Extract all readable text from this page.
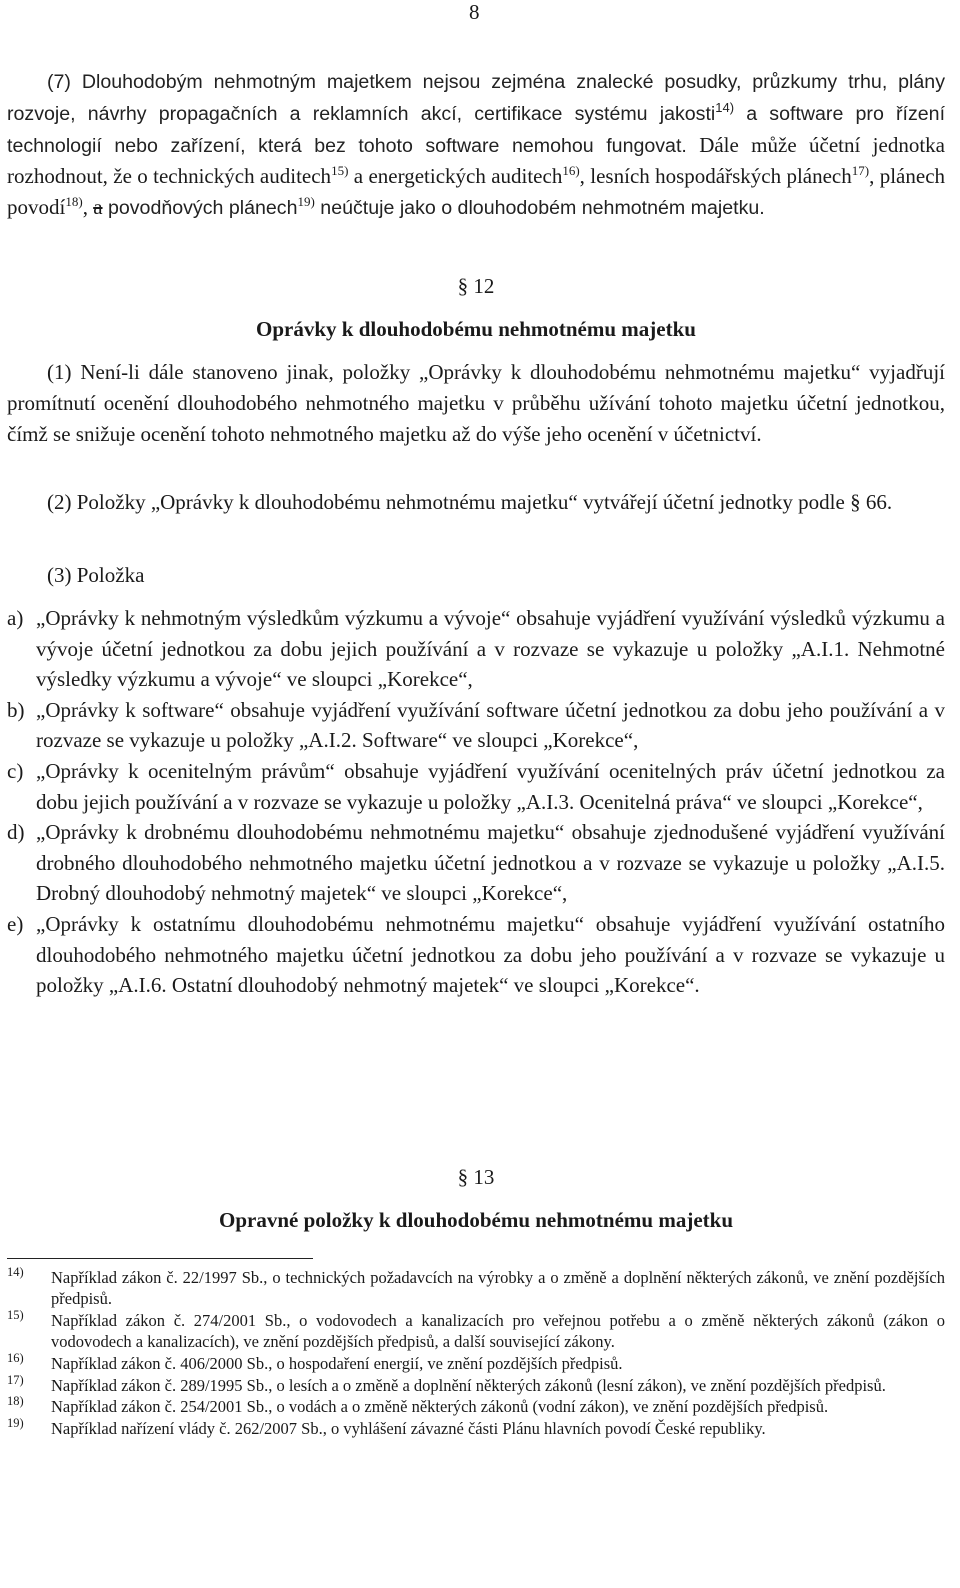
8
(7) Dlouhodobým nehmotným majetkem nejsou zejména znalecké posudky, průzkumy trhu, plány rozvoje, návrhy propagačních a reklamních akcí, certifikace systému jakosti$^{14)}$ a software pro řízení technologií nebo zařízení, která bez tohoto software nemohou fungovat. Dále může účetní jednotka rozhodnout, že o technických auditech$^{15)}$ a energetických auditech$^{16)}$, lesních hospodářských plánech$^{17)}$, plánech povodí$^{18)}$, a povodňových plánech$^{19)}$ neúčtuje jako o dlouhodobém nehmotném majetku.
§ 12
Oprávky k dlouhodobému nehmotnému majetku
(1) Není-li dále stanoveno jinak, položky „Oprávky k dlouhodobému nehmotnému majetku“ vyjadřují promítnutí ocenění dlouhodobého nehmotného majetku v průběhu užívání tohoto majetku účetní jednotkou, čímž se snižuje ocenění tohoto nehmotného majetku až do výše jeho ocenění v účetnictví.
(2) Položky „Oprávky k dlouhodobému nehmotnému majetku“ vytvářejí účetní jednotky podle § 66.
(3) Položka
a) „Oprávky k nehmotným výsledkům výzkumu a vývoje“ obsahuje vyjádření využívání výsledků výzkumu a vývoje účetní jednotkou za dobu jejich používání a v rozvaze se vykazuje u položky „A.I.1. Nehmotné výsledky výzkumu a vývoje“ ve sloupci „Korekce“,
b) „Oprávky k software“ obsahuje vyjádření využívání software účetní jednotkou za dobu jeho používání a v rozvaze se vykazuje u položky „A.I.2. Software“ ve sloupci „Korekce“,
c) „Oprávky k ocenitelným právům“ obsahuje vyjádření využívání ocenitelných práv účetní jednotkou za dobu jejich používání a v rozvaze se vykazuje u položky „A.I.3. Ocenitelná práva“ ve sloupci „Korekce“,
d) „Oprávky k drobnému dlouhodobému nehmotnému majetku“ obsahuje zjednodušené vyjádření využívání drobného dlouhodobého nehmotného majetku účetní jednotkou a v rozvaze se vykazuje u položky „A.I.5. Drobný dlouhodobý nehmotný majetek“ ve sloupci „Korekce“,
e) „Oprávky k ostatnímu dlouhodobému nehmotnému majetku“ obsahuje vyjádření využívání ostatního dlouhodobého nehmotného majetku účetní jednotkou za dobu jeho používání a v rozvaze se vykazuje u položky „A.I.6. Ostatní dlouhodobý nehmotný majetek“ ve sloupci „Korekce“.
§ 13
Opravné položky k dlouhodobému nehmotnému majetku
14) Například zákon č. 22/1997 Sb., o technických požadavcích na výrobky a o změně a doplnění některých zákonů, ve znění pozdějších předpisů.
15) Například zákon č. 274/2001 Sb., o vodovodech a kanalizacích pro veřejnou potřebu a o změně některých zákonů (zákon o vodovodech a kanalizacích), ve znění pozdějších předpisů, a další související zákony.
16) Například zákon č. 406/2000 Sb., o hospodaření energií, ve znění pozdějších předpisů.
17) Například zákon č. 289/1995 Sb., o lesích a o změně a doplnění některých zákonů (lesní zákon), ve znění pozdějších předpisů.
18) Například zákon č. 254/2001 Sb., o vodách a o změně některých zákonů (vodní zákon), ve znění pozdějších předpisů.
19) Například nařízení vlády č. 262/2007 Sb., o vyhlášení závazné části Plánu hlavních povodí České republiky.
